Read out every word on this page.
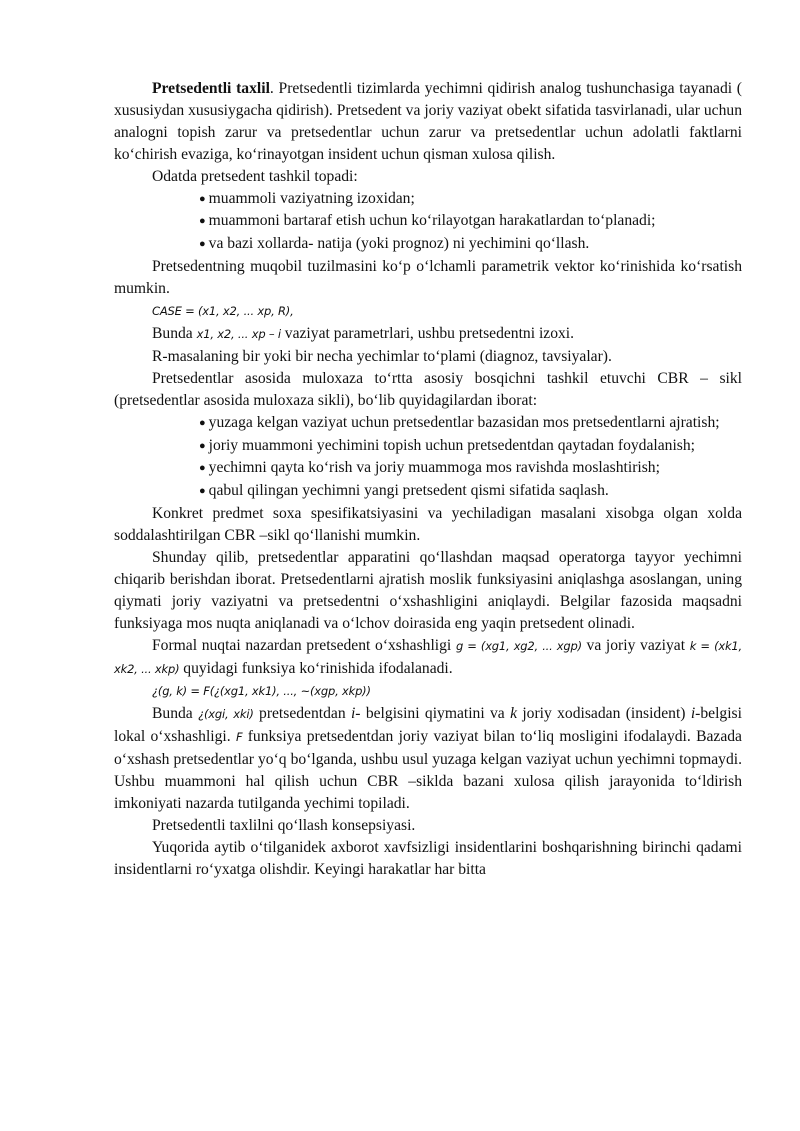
Pretsedentli taxlil. Pretsedentli tizimlarda yechimni qidirish analog tushunchasiga tayanadi ( xususiydan xususiygacha qidirish). Pretsedent va joriy vaziyat obekt sifatida tasvirlanadi, ular uchun analogni topish zarur va pretsedentlar uchun zarur va pretsedentlar uchun adolatli faktlarni ko‘chirish evaziga, ko‘rinayotgan insident uchun qisman xulosa qilish.

Odatda pretsedent tashkil topadi:

● muammoli vaziyatning izoxidan;

● muammoni bartaraf etish uchun ko‘rilayotgan harakatlardan to‘planadi;

● va bazi xollarda- natija (yoki prognoz) ni yechimini qo‘llash.

Pretsedentning muqobil tuzilmasini ko‘p o‘lchamli parametrik vektor ko‘rinishida ko‘rsatish mumkin.

CASE = (x1, x2, ... xp, R),

Bunda x1, x2, ... xp – i vaziyat parametrlari, ushbu pretsedentni izoxi.

R-masalaning bir yoki bir necha yechimlar to‘plami (diagnoz, tavsiyalar).

Pretsedentlar asosida muloxaza to‘rtta asosiy bosqichni tashkil etuvchi CBR – sikl (pretsedentlar asosida muloxaza sikli), bo‘lib quyidagilardan iborat:

● yuzaga kelgan vaziyat uchun pretsedentlar bazasidan mos pretsedentlarni ajratish;

● joriy muammoni yechimini topish uchun pretsedentdan qaytadan foydalanish;

● yechimni qayta ko‘rish va joriy muammoga mos ravishda moslashtirish;

● qabul qilingan yechimni yangi pretsedent qismi sifatida saqlash.

Konkret predmet soxa spesifikatsiyasini va yechiladigan masalani xisobga olgan xolda soddalashtirilgan CBR –sikl qo‘llanishi mumkin.

Shunday qilib, pretsedentlar apparatini qo‘llashdan maqsad operatorga tayyor yechimni chiqarib berishdan iborat. Pretsedentlarni ajratish moslik funksiyasini aniqlashga asoslangan, uning qiymati joriy vaziyatni va pretsedentni o‘xshashligini aniqlaydi. Belgilar fazosida maqsadni funksiyaga mos nuqta aniqlanadi va o‘lchov doirasida eng yaqin pretsedent olinadi.

Formal nuqtai nazardan pretsedent o‘xshashligi g = (xg1, xg2, ... xgp) va joriy vaziyat k = (xk1, xk2, ... xkp) quyidagi funksiya ko‘rinishida ifodalanadi.

¿(g, k) = F(¿(xg1, xk1), ..., ~(xgp, xkp))

Bunda ¿(xgi, xki) pretsedentdan i- belgisini qiymatini va k joriy xodisadan (insident) i-belgisi lokal o‘xshashligi. F funksiya pretsedentdan joriy vaziyat bilan to‘liq mosligini ifodalaydi. Bazada o‘xshash pretsedentlar yo‘q bo‘lganda, ushbu usul yuzaga kelgan vaziyat uchun yechimni topmaydi. Ushbu muammoni hal qilish uchun CBR –siklda bazani xulosa qilish jarayonida to‘ldirish imkoniyati nazarda tutilganda yechimi topiladi.

Pretsedentli taxlilni qo‘llash konsepsiyasi.

Yuqorida aytib o‘tilganidek axborot xavfsizligi insidentlarini boshqarishning birinchi qadami insidentlarni ro‘yxatga olishdir. Keyingi harakatlar har bitta
